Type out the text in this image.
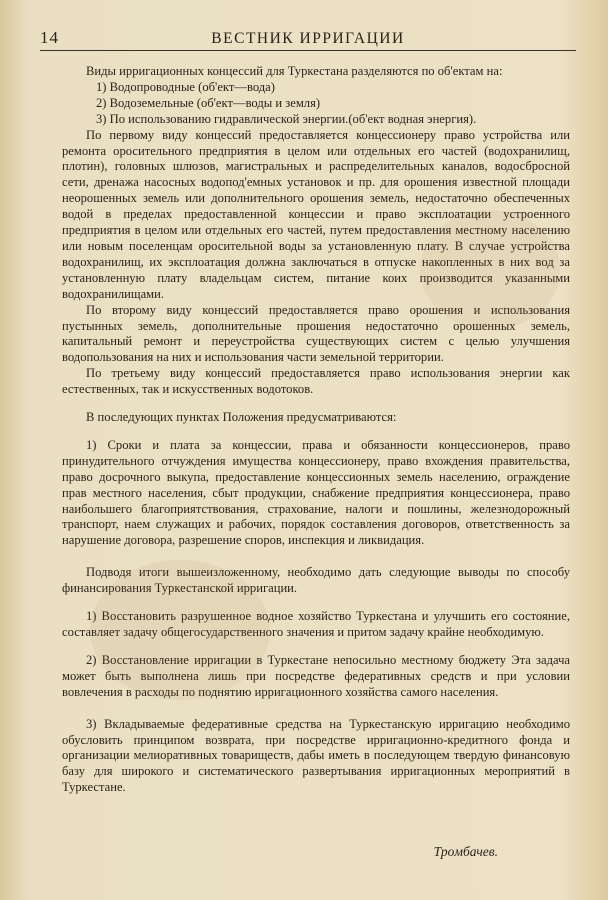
14	ВЕСТНИК ИРРИГАЦИИ

Виды ирригационных концессий для Туркестана разделяются по об'ектам на:

1) Водопроводные (об'ект—вода)

2) Водоземельные (об'ект—воды и земля)

3) По использованию гидравлической энергии.(об'ект водная энергия).

По первому виду концессий предоставляется концессионеру право устройства или ремонта оросительного предприятия в целом или отдельных его частей (водохранилищ, плотин), головных шлюзов, магистральных и распределительных каналов, водосбросной сети, дренажа насосных водопод'емных установок и пр. для орошения известной площади неорошенных земель или дополнительного орошения земель, недостаточно обеспеченных водой в пределах предоставленной концессии и право эксплоатации устроенного предприятия в целом или отдельных его частей, путем предоставления местному населению или новым поселенцам оросительной воды за установленную плату. В случае устройства водохранилищ, их эксплоатация должна заключаться в отпуске накопленных в них вод за установленную плату владельцам систем, питание коих производится указанными водохранилищами.

По второму виду концессий предоставляется право орошения и использования пустынных земель, дополнительные прошения недостаточно орошенных земель, капитальный ремонт и переустройства существующих систем с целью улучшения водопользования на них и использования части земельной территории.

По третьему виду концессий предоставляется право использования энергии как естественных, так и искусственных водотоков.

В последующих пунктах Положения предусматриваются:

1) Сроки и плата за концессии, права и обязанности концессионеров, право принудительного отчуждения имущества концессионеру, право вхождения правительства, право досрочного выкупа, предоставление концессионных земель населению, ограждение прав местного населения, сбыт продукции, снабжение предприятия концессионера, право наибольшего благоприятствования, страхование, налоги и пошлины, железнодорожный транспорт, наем служащих и рабочих, порядок составления договоров, ответственность за нарушение договора, разрешение споров, инспекция и ликвидация.

Подводя итоги вышеизложенному, необходимо дать следующие выводы по способу финансирования Туркестанской ирригации.

1) Восстановить разрушенное водное хозяйство Туркестана и улучшить его состояние, составляет задачу общегосударственного значения и притом задачу крайне необходимую.

2) Восстановление ирригации в Туркестане непосильно местному бюджету Эта задача может быть выполнена лишь при посредстве федеративных средств и при условии вовлечения в расходы по поднятию ирригационного хозяйства самого населения.

3) Вкладываемые федеративные средства на Туркестанскую ирригацию необходимо обусловить принципом возврата, при посредстве ирригационно-кредитного фонда и организации мелиоративных товариществ, дабы иметь в последующем твердую финансовую базу для широкого и систематического развертывания ирригационных мероприятий в Туркестане.

Трoмбачев.
